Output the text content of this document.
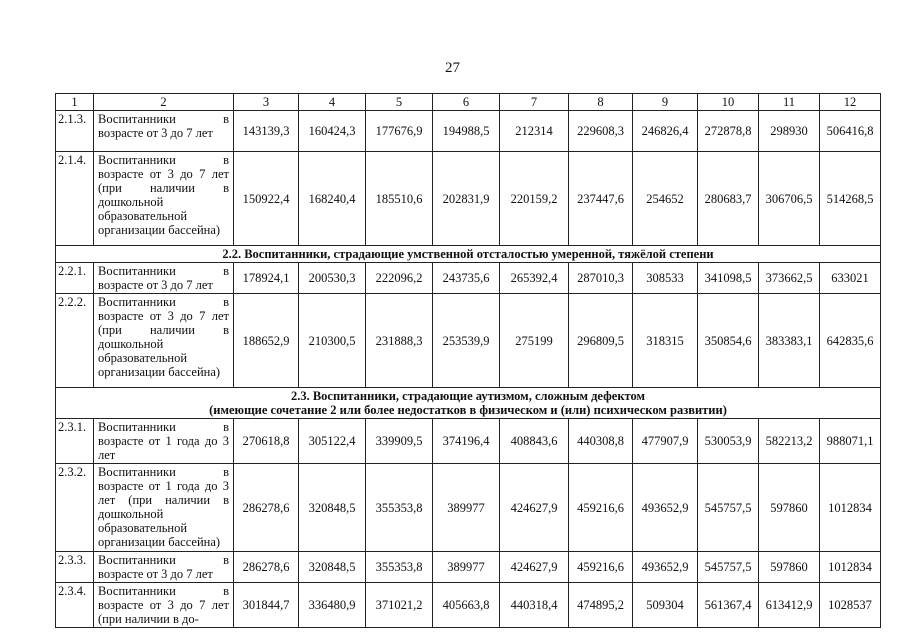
27
1	2	3	4	5	6	7	8	9	10	11	12
2.1.3.	Воспитанники в возрасте от 3 до 7 лет	143139,3	160424,3	177676,9	194988,5	212314	229608,3	246826,4	272878,8	298930	506416,8
2.1.4.	Воспитанники в возрасте от 3 до 7 лет (при наличии в дошкольной образовательной организации бассейна)	150922,4	168240,4	185510,6	202831,9	220159,2	237447,6	254652	280683,7	306706,5	514268,5

2.2. Воспитанники, страдающие умственной отсталостью умеренной, тяжёлой степени											

2.2.1.	Воспитанники в возрасте от 3 до 7 лет	178924,1	200530,3	222096,2	243735,6	265392,4	287010,3	308533	341098,5	373662,5	633021
2.2.2.	Воспитанники в возрасте от 3 до 7 лет (при наличии в дошкольной образовательной организации бассейна)	188652,9	210300,5	231888,3	253539,9	275199	296809,5	318315	350854,6	383383,1	642835,6

2.3. Воспитанники, страдающие аутизмом, сложным дефектом
(имеющие сочетание 2 или более недостатков в физическом и (или) психическом развитии)											

2.3.1.	Воспитанники в возрасте от 1 года до 3 лет	270618,8	305122,4	339909,5	374196,4	408843,6	440308,8	477907,9	530053,9	582213,2	988071,1
2.3.2.	Воспитанники в возрасте от 1 года до 3 лет (при наличии в дошкольной образовательной организации бассейна)	286278,6	320848,5	355353,8	389977	424627,9	459216,6	493652,9	545757,5	597860	1012834
2.3.3.	Воспитанники в возрасте от 3 до 7 лет	286278,6	320848,5	355353,8	389977	424627,9	459216,6	493652,9	545757,5	597860	1012834
2.3.4.	Воспитанники в возрасте от 3 до 7 лет (при наличии в до-	301844,7	336480,9	371021,2	405663,8	440318,4	474895,2	509304	561367,4	613412,9	1028537
